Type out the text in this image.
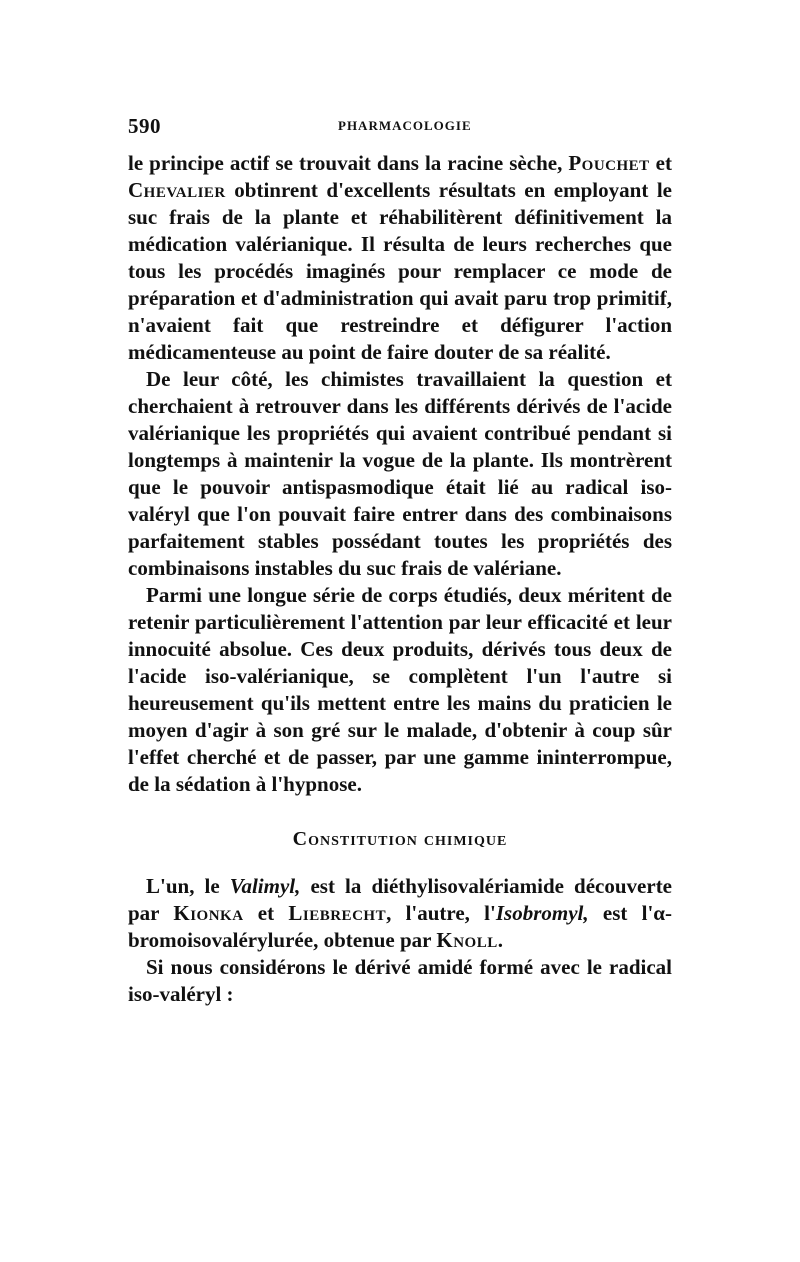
590	PHARMACOLOGIE

le principe actif se trouvait dans la racine sèche, Pouchet et Chevalier obtinrent d'excellents résultats en employant le suc frais de la plante et réhabilitèrent définitivement la médication valérianique. Il résulta de leurs recherches que tous les procédés imaginés pour remplacer ce mode de préparation et d'administration qui avait paru trop primitif, n'avaient fait que restreindre et défigurer l'action médicamenteuse au point de faire douter de sa réalité.

De leur côté, les chimistes travaillaient la question et cherchaient à retrouver dans les différents dérivés de l'acide valérianique les propriétés qui avaient contribué pendant si longtemps à maintenir la vogue de la plante. Ils montrèrent que le pouvoir antispasmodique était lié au radical iso-valéryl que l'on pouvait faire entrer dans des combinaisons parfaitement stables possédant toutes les propriétés des combinaisons instables du suc frais de valériane.

Parmi une longue série de corps étudiés, deux méritent de retenir particulièrement l'attention par leur efficacité et leur innocuité absolue. Ces deux produits, dérivés tous deux de l'acide iso-valérianique, se complètent l'un l'autre si heureusement qu'ils mettent entre les mains du praticien le moyen d'agir à son gré sur le malade, d'obtenir à coup sûr l'effet cherché et de passer, par une gamme ininterrompue, de la sédation à l'hypnose.

Constitution chimique

L'un, le Valimyl, est la diéthylisovalériamide découverte par Kionka et Liebrecht, l'autre, l'Isobromyl, est l'α-bromoisovalérylurée, obtenue par Knoll.

Si nous considérons le dérivé amidé formé avec le radical iso-valéryl :
